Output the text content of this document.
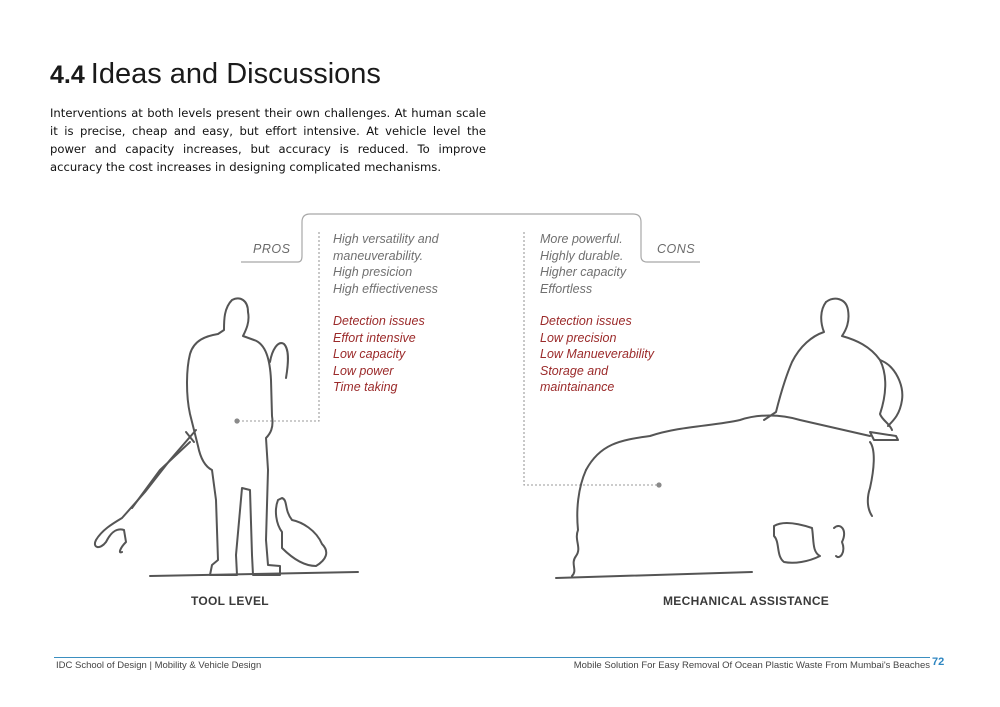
4.4 Ideas and Discussions

Interventions at both levels present their own challenges. At human scale it is precise, cheap and easy, but effort intensive. At vehicle level the power and capacity increases, but accuracy is reduced. To improve accuracy the cost increases in designing complicated mechanisms.

PROS	CONS
High versatility and
maneuverability.
High presicion
High effiectiveness
Detection issues
Effort intensive
Low capacity
Low power
Time taking
More powerful.
Highly durable.
Higher capacity
Effortless
Detection issues
Low precision
Low Manueverability
Storage and
maintainance
TOOL LEVEL	MECHANICAL ASSISTANCE
IDC School of Design | Mobility & Vehicle Design	Mobile Solution For Easy Removal Of Ocean Plastic Waste From Mumbai's Beaches 72
